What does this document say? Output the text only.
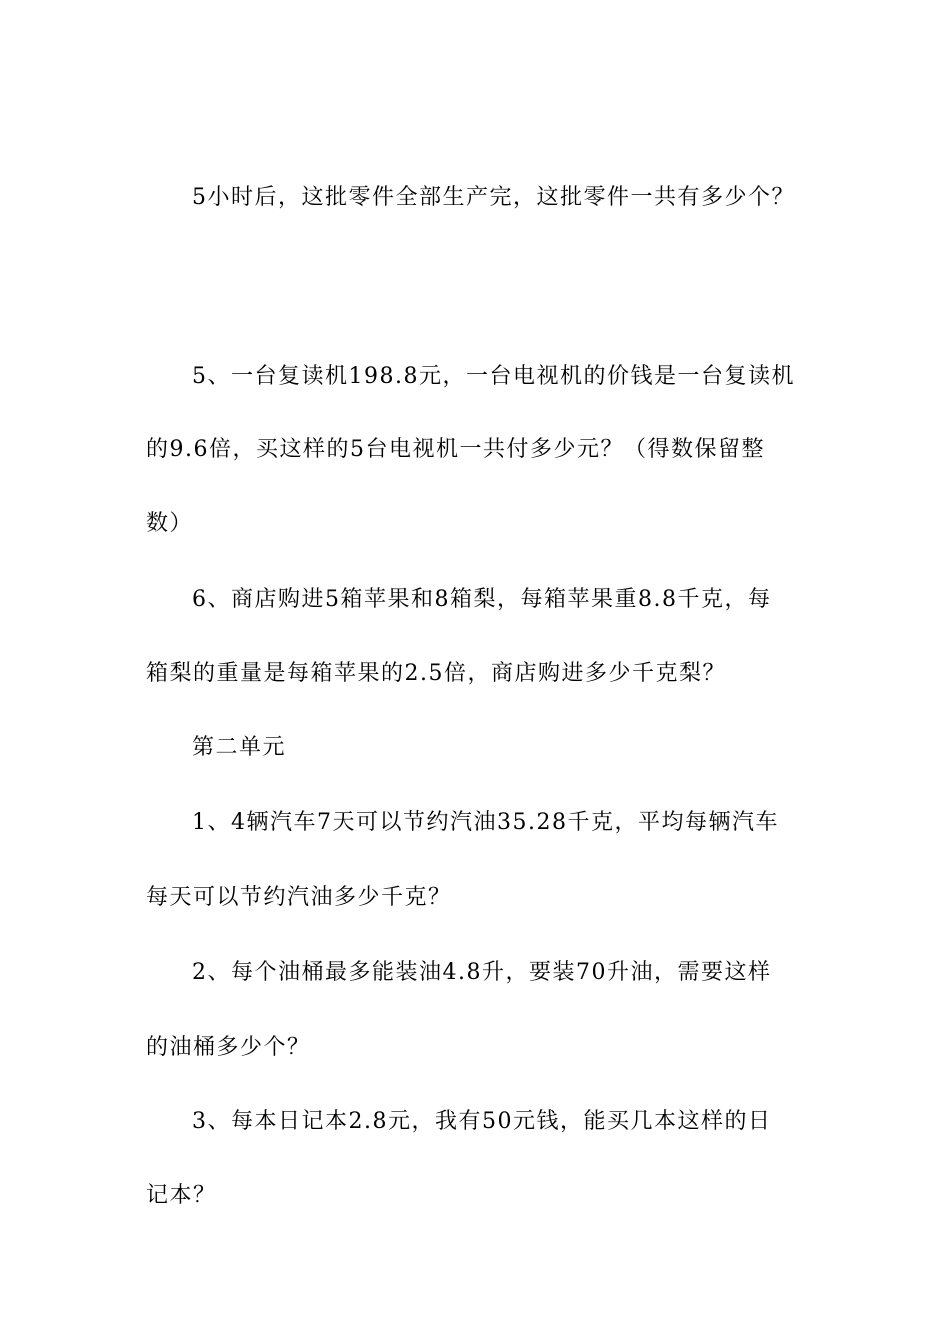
5小时后，这批零件全部生产完，这批零件一共有多少个？
5、一台复读机198.8元，一台电视机的价钱是一台复读机
的9.6倍，买这样的5台电视机一共付多少元？（得数保留整
数）
6、商店购进5箱苹果和8箱梨，每箱苹果重8.8千克，每
箱梨的重量是每箱苹果的2.5倍，商店购进多少千克梨？
第二单元
1、4辆汽车7天可以节约汽油35.28千克，平均每辆汽车
每天可以节约汽油多少千克？
2、每个油桶最多能装油4.8升，要装70升油，需要这样
的油桶多少个？
3、每本日记本2.8元，我有50元钱，能买几本这样的日
记本？
